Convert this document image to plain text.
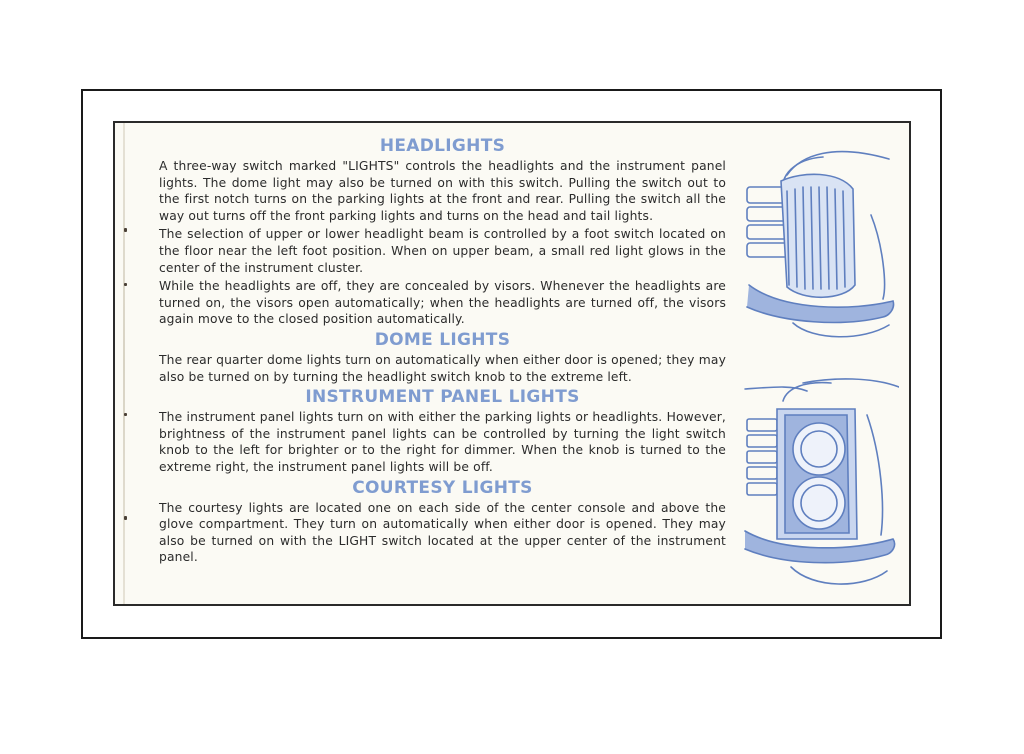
HEADLIGHTS

A three-way switch marked "LIGHTS" controls the headlights and the instrument panel lights. The dome light may also be turned on with this switch. Pulling the switch out to the first notch turns on the parking lights at the front and rear. Pulling the switch all the way out turns off the front parking lights and turns on the head and tail lights.

The selection of upper or lower headlight beam is controlled by a foot switch located on the floor near the left foot position. When on upper beam, a small red light glows in the center of the instrument cluster.

While the headlights are off, they are concealed by visors. Whenever the headlights are turned on, the visors open automatically; when the headlights are turned off, the visors again move to the closed position automatically.

DOME LIGHTS

The rear quarter dome lights turn on automatically when either door is opened; they may also be turned on by turning the headlight switch knob to the extreme left.

INSTRUMENT PANEL LIGHTS

The instrument panel lights turn on with either the parking lights or headlights. However, brightness of the instrument panel lights can be controlled by turning the light switch knob to the left for brighter or to the right for dimmer. When the knob is turned to the extreme right, the instrument panel lights will be off.

COURTESY LIGHTS

The courtesy lights are located one on each side of the center console and above the glove compartment. They turn on automatically when either door is opened. They may also be turned on with the LIGHT switch located at the upper center of the instrument panel.
